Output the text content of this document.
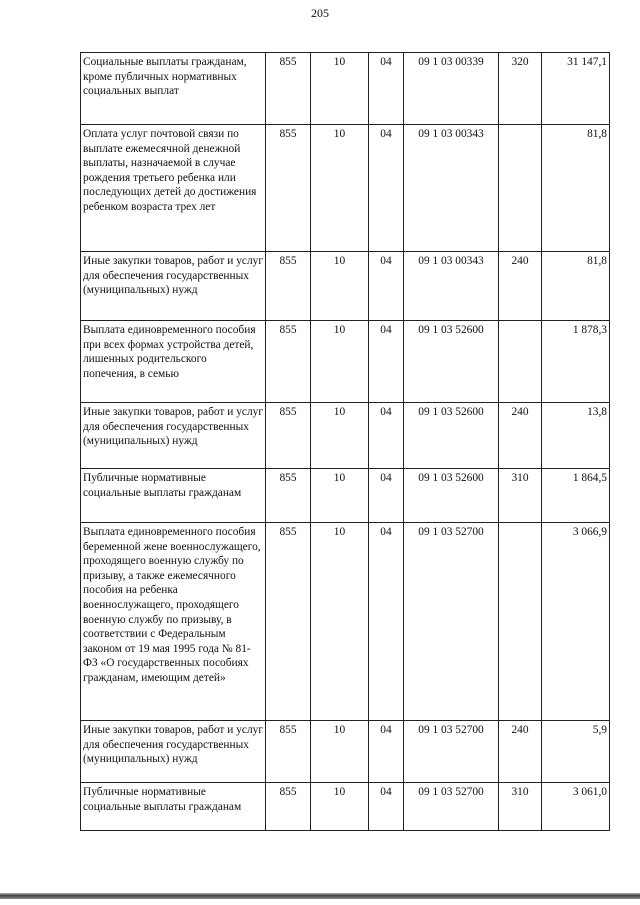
205
Социальные выплаты гражданам, кроме публичных нормативных социальных выплат	855	10	04	09 1 03 00339	320	31 147,1
Оплата услуг почтовой связи по выплате ежемесячной денежной выплаты, назначаемой в случае рождения третьего ребенка или последующих детей до достижения ребенком возраста трех лет	855	10	04	09 1 03 00343		81,8
Иные закупки товаров, работ и услуг для обеспечения государственных (муниципальных) нужд	855	10	04	09 1 03 00343	240	81,8
Выплата единовременного пособия при всех формах устройства детей, лишенных родительского попечения, в семью	855	10	04	09 1 03 52600		1 878,3
Иные закупки товаров, работ и услуг для обеспечения государственных (муниципальных) нужд	855	10	04	09 1 03 52600	240	13,8
Публичные нормативные социальные выплаты гражданам	855	10	04	09 1 03 52600	310	1 864,5
Выплата единовременного пособия беременной жене военнослужащего, проходящего военную службу по призыву, а также ежемесячного пособия на ребенка военнослужащего, проходящего военную службу по призыву, в соответствии с Федеральным законом от 19 мая 1995 года № 81-ФЗ «О государственных пособиях гражданам, имеющим детей»	855	10	04	09 1 03 52700		3 066,9
Иные закупки товаров, работ и услуг для обеспечения государственных (муниципальных) нужд	855	10	04	09 1 03 52700	240	5,9
Публичные нормативные социальные выплаты гражданам	855	10	04	09 1 03 52700	310	3 061,0
